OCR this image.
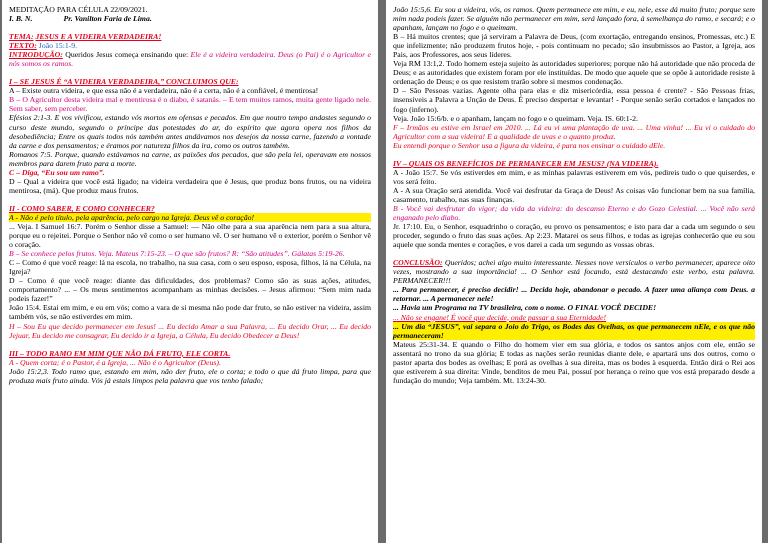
MEDITAÇÃO PARA CÉLULA 22/09/2021.

I. B. N.	Pr. Vanilton Faria de Lima.

TEMA: JESUS E A VIDEIRA VERDADEIRA!

TEXTO: João 15:1-9.

INTRODUÇÃO: Queridos Jesus começa ensinando que: Ele é a videira verdadeira. Deus (o Pai) é o Agricultor e nós somos os ramos.

I – SE JESUS É “A VIDEIRA VERDADEIRA,” CONCLUIMOS QUE:

A – Existe outra videira, e que essa não é a verdadeira, não é a certa, não é a confiável, é mentirosa!

B – O Agricultor desta videira mal e mentirosa é o diabo, é satanás. – E tem muitos ramos, muita gente ligado nele. Sem saber, sem perceber.

Efésios 2:1-3. E vos vivificou, estando vós mortos em ofensas e pecados. Em que noutro tempo andastes segundo o curso deste mundo, segundo o príncipe das potestades do ar, do espírito que agora opera nos filhos da desobediência; Entre os quais todos nós também antes andávamos nos desejos da nossa carne, fazendo a vontade da carne e dos pensamentos; e éramos por natureza filhos da ira, como os outros também.

Romanos 7:5. Porque, quando estávamos na carne, as paixões dos pecados, que são pela lei, operavam em nossos membros para darem fruto para a morte.

C – Diga, “Eu sou um ramo”.

D – Qual a videira que você está ligado; na videira verdadeira que é Jesus, que produz bons frutos, ou na videira mentirosa, (má). Que produz maus frutos.

II - COMO SABER, E COMO CONHECER?

A - Não é pelo título, pela aparência, pelo cargo na Igreja. Deus vê o coração!

... Veja. I Samuel 16:7. Porém o Senhor disse a Samuel: — Não olhe para a sua aparência nem para a sua altura, porque eu o rejeitei. Porque o Senhor não vê como o ser humano vê. O ser humano vê o exterior, porém o Senhor vê o coração.

B – Se conhece pelos frutos. Veja. Mateus 7:15-23. – O que são frutos? R: “São atitudes”. Gálatas 5:19-26.

C – Como é que você reage: lá na escola, no trabalho, na sua casa, com o seu esposo, esposa, filhos, lá na Célula, na Igreja?

D – Como é que você reage: diante das dificuldades, dos problemas? Como são as suas ações, atitudes, comportamento? ... – Os meus sentimentos acompanham as minhas decisões. – Jesus afirmou: “Sem mim nada podeis fazer!”

João 15:4. Estai em mim, e eu em vós; como a vara de si mesma não pode dar fruto, se não estiver na videira, assim também vós, se não estiverdes em mim.

H – Sou Eu que decido permanecer em Jesus! ... Eu decido Amar a sua Palavra, ... Eu decido Orar, ... Eu decido Jejuar, Eu decido me consagrar, Eu decido ir a Igreja, a Célula, Eu decido Obedecer a Deus!

III – TODO RAMO EM MIM QUE NÃO DÁ FRUTO, ELE CORTA.

A - Quem corta; é o Pastor, é a Igreja, ... Não é o Agricultor (Deus).

João 15:2,3. Todo ramo que, estando em mim, não der fruto, ele o corta; e todo o que dá fruto limpa, para que produza mais fruto ainda. Vós já estais limpos pela palavra que vos tenho falado;

João 15:5,6. Eu sou a videira, vós, os ramos. Quem permanece em mim, e eu, nele, esse dá muito fruto; porque sem mim nada podeis fazer. Se alguém não permanecer em mim, será lançado fora, à semelhança do ramo, e secará; e o apanham, lançam no fogo e o queimam.

B – Há muitos crentes; que já serviram a Palavra de Deus, (com exortação, entregando ensinos, Promessas, etc.) E que infelizmente; não produzem frutos hoje, - pois continuam no pecado; são insubmissos ao Pastor, a Igreja, aos Pais, aos Professores, aos seus líderes.

Veja RM 13:1,2. Todo homem esteja sujeito às autoridades superiores; porque não há autoridade que não proceda de Deus; e as autoridades que existem foram por ele instituídas. De modo que aquele que se opõe à autoridade resiste à ordenação de Deus; e os que resistem trarão sobre si mesmos condenação.

D – São Pessoas vazias. Agente olha para elas e diz misericórdia, essa pessoa é crente? - São Pessoas frias, insensíveis a Palavra a Unção de Deus. É preciso despertar e levantar! - Porque senão serão cortados e lançados no fogo (inferno).

Veja. João 15:6/b. e o apanham, lançam no fogo e o queimam. Veja. IS. 60:1-2.

F – Irmãos eu estive em Israel em 2010. ... Lá eu vi uma plantação de uva. ... Uma vinha! ... Eu vi o cuidado do Agricultor com a sua videira! E a qualidade de uvas e o quanto produz.

Eu entendi porque o Senhor usa a figura da videira, é para nos ensinar o cuidado dEle.

IV – QUAIS OS BENEFÍCIOS DE PERMANECER EM JESUS? (NA VIDEIRA).

A - João 15:7. Se vós estiverdes em mim, e as minhas palavras estiverem em vós, pedireis tudo o que quiserdes, e vos será feito.

A - A sua Oração será atendida. Você vai desfrutar da Graça de Deus! As coisas vão funcionar bem na sua família, casamento, trabalho, nas suas finanças.

B - Você vai desfrutar do vigor; da vida da videira: do descanso Eterno e do Gozo Celestial. ... Você não será enganado pelo diabo.

Jr. 17:10. Eu, o Senhor, esquadrinho o coração, eu provo os pensamentos; e isto para dar a cada um segundo o seu proceder, segundo o fruto das suas ações. Ap 2:23. Matarei os seus filhos, e todas as igrejas conhecerão que eu sou aquele que sonda mentes e corações, e vos darei a cada um segundo as vossas obras.

CONCLUSÃO: Queridos; achei algo muito interessante. Nesses nove versículos o verbo permanecer, aparece oito vezes, mostrando a sua importância! ... O Senhor está focando, está destacando este verbo, esta palavra. PERMANECER!!!

... Para permanecer, é preciso decidir! ... Decida hoje, abandonar o pecado. A fazer uma aliança com Deus. a retornar. ... A permanecer nele!

... Havia um Programa na TV brasileira, com o nome. O FINAL VOCÊ DECIDE!

... Não se engane! É você que decide, onde passar a sua Eternidade!

... Um dia “JESUS”, vai separa o Joio do Trigo, os Bodes das Ovelhas, os que permanecem nEle, e os que não permaneceram!

Mateus 25:31-34. E quando o Filho do homem vier em sua glória, e todos os santos anjos com ele, então se assentará no trono da sua glória; E todas as nações serão reunidas diante dele, e apartará uns dos outros, como o pastor aparta dos bodes as ovelhas; E porá as ovelhas à sua direita, mas os bodes à esquerda. Então dirá o Rei aos que estiverem à sua direita: Vinde, benditos de meu Pai, possuí por herança o reino que vos está preparado desde a fundação do mundo; Veja também. Mt. 13:24-30.
